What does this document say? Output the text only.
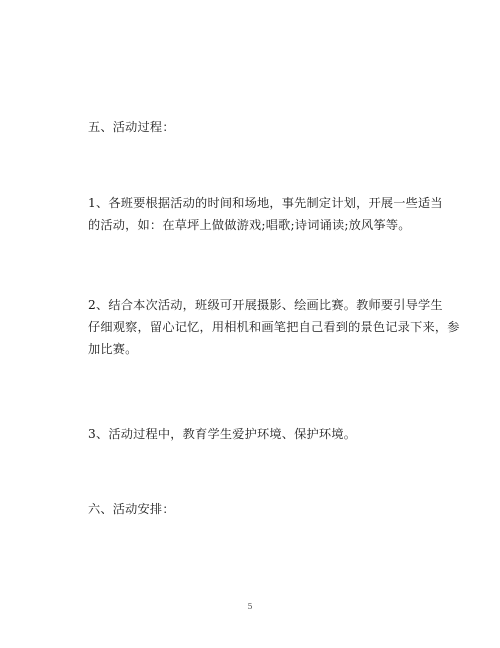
五、活动过程：
1、各班要根据活动的时间和场地，事先制定计划，开展一些适当
的活动，如：在草坪上做做游戏;唱歌;诗词诵读;放风筝等。
2、结合本次活动，班级可开展摄影、绘画比赛。教师要引导学生
仔细观察，留心记忆，用相机和画笔把自己看到的景色记录下来，参
加比赛。
3、活动过程中，教育学生爱护环境、保护环境。
六、活动安排：
5
